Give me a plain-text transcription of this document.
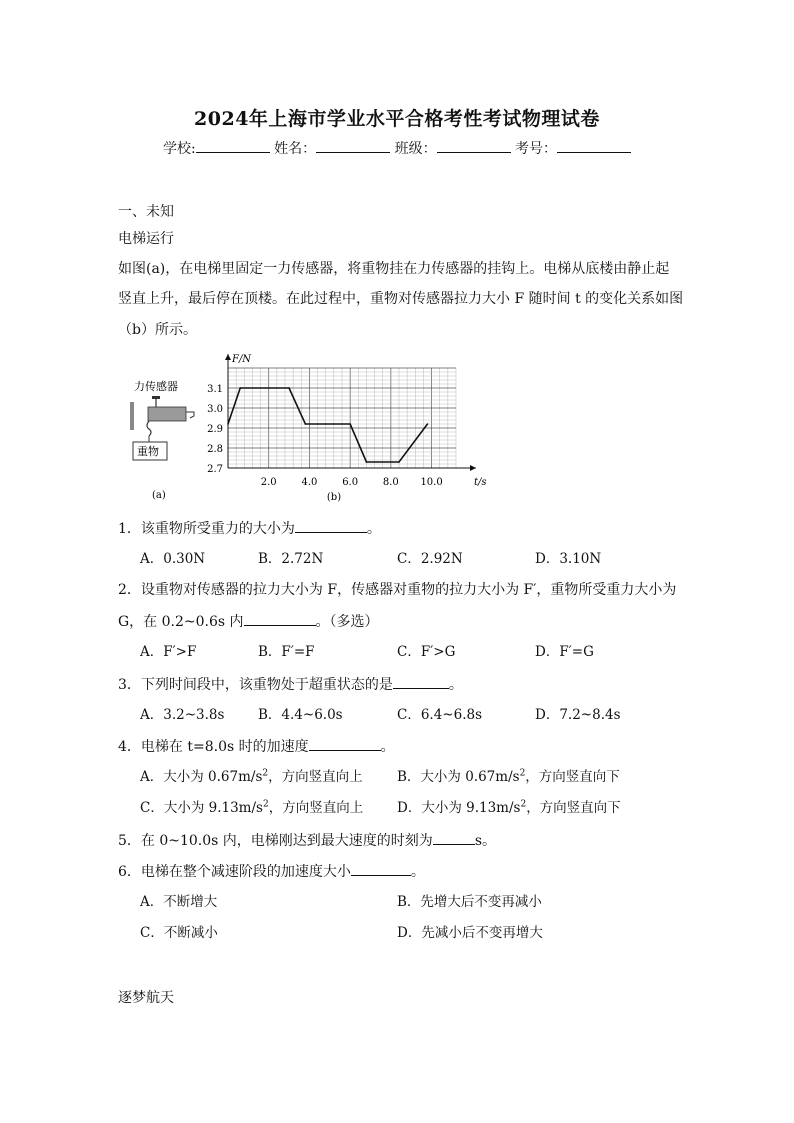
2024年上海市学业水平合格考性考试物理试卷
学校:	姓名：	班级：	考号：
一、未知
电梯运行
如图(a)，在电梯里固定一力传感器，将重物挂在力传感器的挂钩上。电梯从底楼由静止起
竖直上升，最后停在顶楼。在此过程中，重物对传感器拉力大小 F 随时间 t 的变化关系如图
（b）所示。
力传感器
重物
(a)
2.7
2.8
2.9
3.0
3.1
2.0 4.0 6.0 8.0 10.0
F/N
t/s
(b)
1．该重物所受重力的大小为	。
A．0.30N	B．2.72N	C．2.92N	D．3.10N
2．设重物对传感器的拉力大小为 F，传感器对重物的拉力大小为 F′，重物所受重力大小为
G，在 0.2~0.6s 内	。（多选）
A．F′>F	B．F′=F	C．F′>G	D．F′=G
3．下列时间段中，该重物处于超重状态的是	。
A．3.2~3.8s B．4.4~6.0s	C．6.4~6.8s	D．7.2~8.4s
4．电梯在 t=8.0s 时的加速度	。
A．大小为 $0.67m/s^2$，方向竖直向上	B．大小为 $0.67m/s^2$，方向竖直向下
C．大小为 $9.13m/s^2$，方向竖直向上	D．大小为 $9.13m/s^2$，方向竖直向下
5．在 0~10.0s 内，电梯刚达到最大速度的时刻为	s。
6．电梯在整个减速阶段的加速度大小	。
A．不断增大	B．先增大后不变再减小
C．不断减小	D．先减小后不变再增大
逐梦航天
